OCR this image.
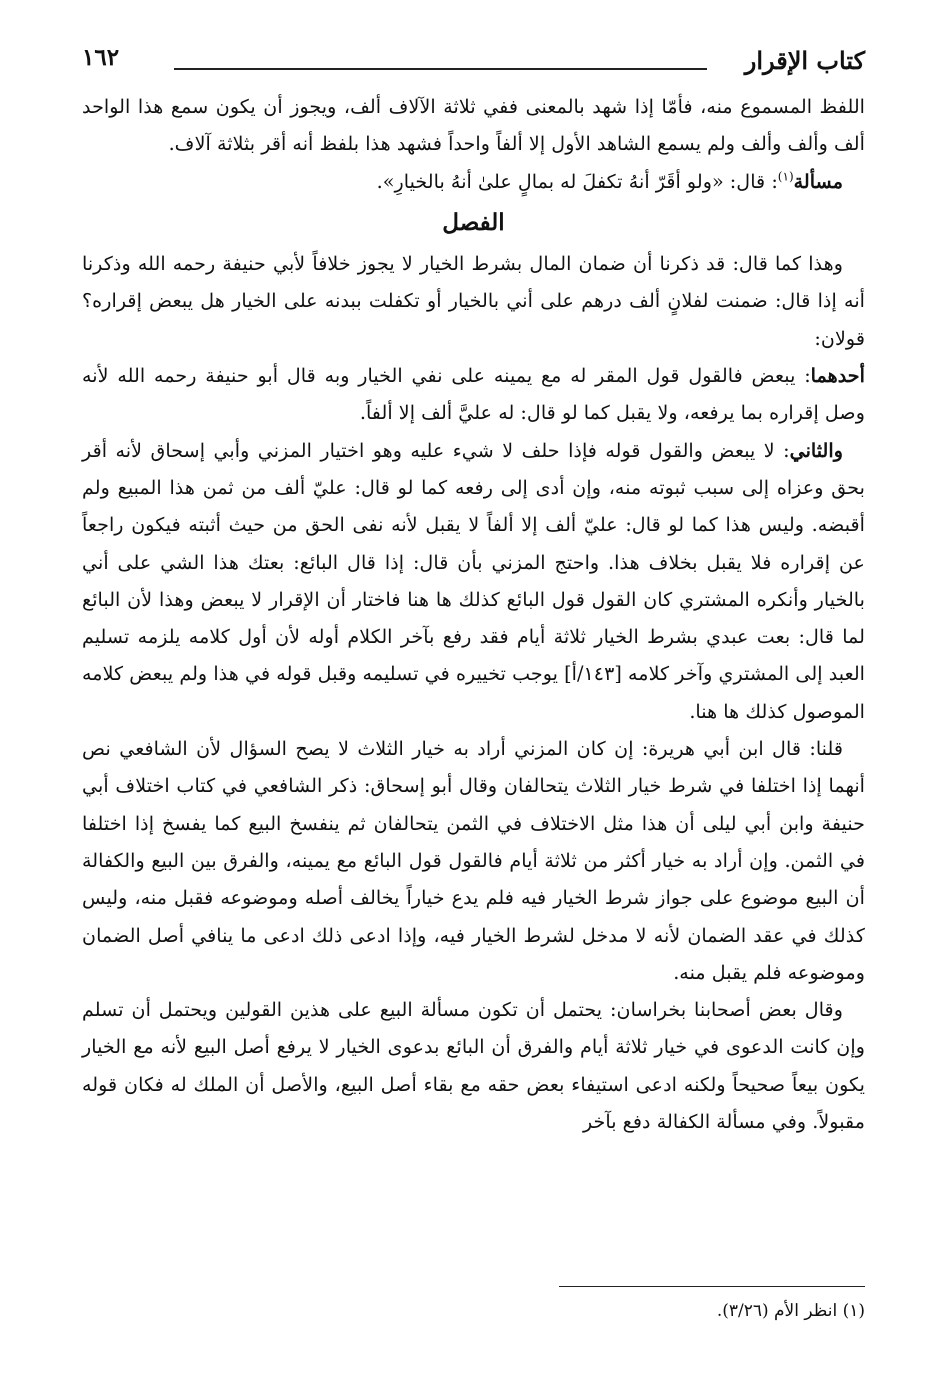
١٦٢	كتاب الإقرار

اللفظ المسموع منه، فأمّا إذا شهد بالمعنى ففي ثلاثة الآلاف ألف، ويجوز أن يكون سمع هذا الواحد ألف وألف وألف ولم يسمع الشاهد الأول إلا ألفاً واحداً فشهد هذا بلفظ أنه أقر بثلاثة آلاف.

مسألة$^{(١)}$: قال: «ولو أقَرّ أنهُ تكفلَ له بمالٍ علىٰ أنهُ بالخيارِ».

الفصل

وهذا كما قال: قد ذكرنا أن ضمان المال بشرط الخيار لا يجوز خلافاً لأبي حنيفة رحمه الله وذكرنا أنه إذا قال: ضمنت لفلانٍ ألف درهم على أني بالخيار أو تكفلت ببدنه على الخيار هل يبعض إقراره؟ قولان:

أحدهما: يبعض فالقول قول المقر له مع يمينه على نفي الخيار وبه قال أبو حنيفة رحمه الله لأنه وصل إقراره بما يرفعه، ولا يقبل كما لو قال: له عليَّ ألف إلا ألفاً.

والثاني: لا يبعض والقول قوله فإذا حلف لا شيء عليه وهو اختيار المزني وأبي إسحاق لأنه أقر بحق وعزاه إلى سبب ثبوته منه، وإن أدى إلى رفعه كما لو قال: عليّ ألف من ثمن هذا المبيع ولم أقبضه. وليس هذا كما لو قال: عليّ ألف إلا ألفاً لا يقبل لأنه نفى الحق من حيث أثبته فيكون راجعاً عن إقراره فلا يقبل بخلاف هذا. واحتج المزني بأن قال: إذا قال البائع: بعتك هذا الشي على أني بالخيار وأنكره المشتري كان القول قول البائع كذلك ها هنا فاختار أن الإقرار لا يبعض وهذا لأن البائع لما قال: بعت عبدي بشرط الخيار ثلاثة أيام فقد رفع بآخر الكلام أوله لأن أول كلامه يلزمه تسليم العبد إلى المشتري وآخر كلامه [١٤٣/أ] يوجب تخييره في تسليمه وقبل قوله في هذا ولم يبعض كلامه الموصول كذلك ها هنا.

قلنا: قال ابن أبي هريرة: إن كان المزني أراد به خيار الثلاث لا يصح السؤال لأن الشافعي نص أنهما إذا اختلفا في شرط خيار الثلاث يتحالفان وقال أبو إسحاق: ذكر الشافعي في كتاب اختلاف أبي حنيفة وابن أبي ليلى أن هذا مثل الاختلاف في الثمن يتحالفان ثم ينفسخ البيع كما يفسخ إذا اختلفا في الثمن. وإن أراد به خيار أكثر من ثلاثة أيام فالقول قول البائع مع يمينه، والفرق بين البيع والكفالة أن البيع موضوع على جواز شرط الخيار فيه فلم يدع خياراً يخالف أصله وموضوعه فقبل منه، وليس كذلك في عقد الضمان لأنه لا مدخل لشرط الخيار فيه، وإذا ادعى ذلك ادعى ما ينافي أصل الضمان وموضوعه فلم يقبل منه.

وقال بعض أصحابنا بخراسان: يحتمل أن تكون مسألة البيع على هذين القولين ويحتمل أن تسلم وإن كانت الدعوى في خيار ثلاثة أيام والفرق أن البائع بدعوى الخيار لا يرفع أصل البيع لأنه مع الخيار يكون بيعاً صحيحاً ولكنه ادعى استيفاء بعض حقه مع بقاء أصل البيع، والأصل أن الملك له فكان قوله مقبولاً. وفي مسألة الكفالة دفع بآخر

(١) انظر الأم (٣/٢٦).
